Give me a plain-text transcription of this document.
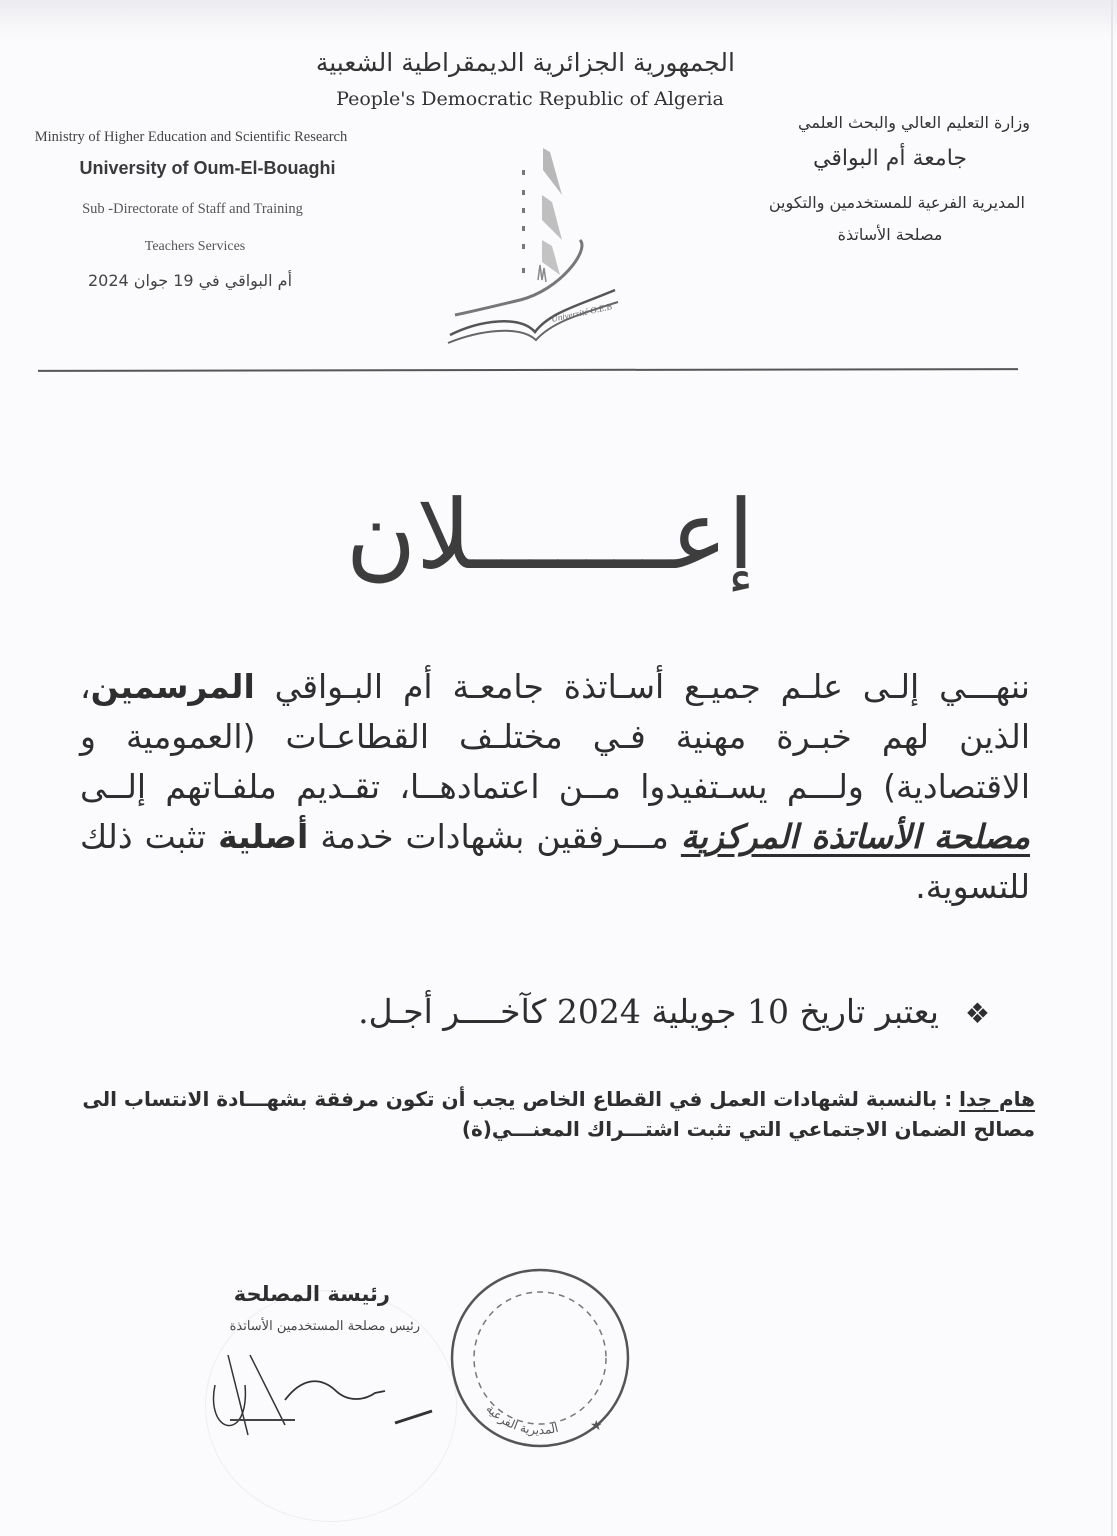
الجمهورية الجزائرية الديمقراطية الشعبية
People's Democratic Republic of Algeria
Ministry of Higher Education and Scientific Research
University of Oum-El-Bouaghi
Sub -Directorate of Staff and Training
Teachers Services
أم البواقي في 19 جوان 2024
وزارة التعليم العالي والبحث العلمي
جامعة أم البواقي
المديرية الفرعية للمستخدمين والتكوين
مصلحة الأساتذة
Université O.E.B
إعـــــــلان
ننهـــي إلـى علـم جميـع أسـاتذة جامعـة أم البـواقي المرسمين، الذين لهم خبـرة مهنية فـي مختلـف القطاعـات (العمومية و الاقتصادية) ولـــم يسـتفيدوا مــن اعتمادهــا، تقـديم ملفـاتهم إلــى مصلحة الأساتذة المركزية مـــرفقين بشهادات خدمة أصلية تثبت ذلك للتسوية.
❖يعتبر تاريخ 10 جويلية 2024 كآخــــر أجـل.
هام جدا : بالنسبة لشهادات العمل في القطاع الخاص يجب أن تكون مرفقة بشهـــادة الانتساب الى مصالح الضمان الاجتماعي التي تثبت اشتـــراك المعنـــي(ة)
رئيسة المصلحة
رئيس مصلحة المستخدمين الأساتذة
المديرية الفرعية ★
